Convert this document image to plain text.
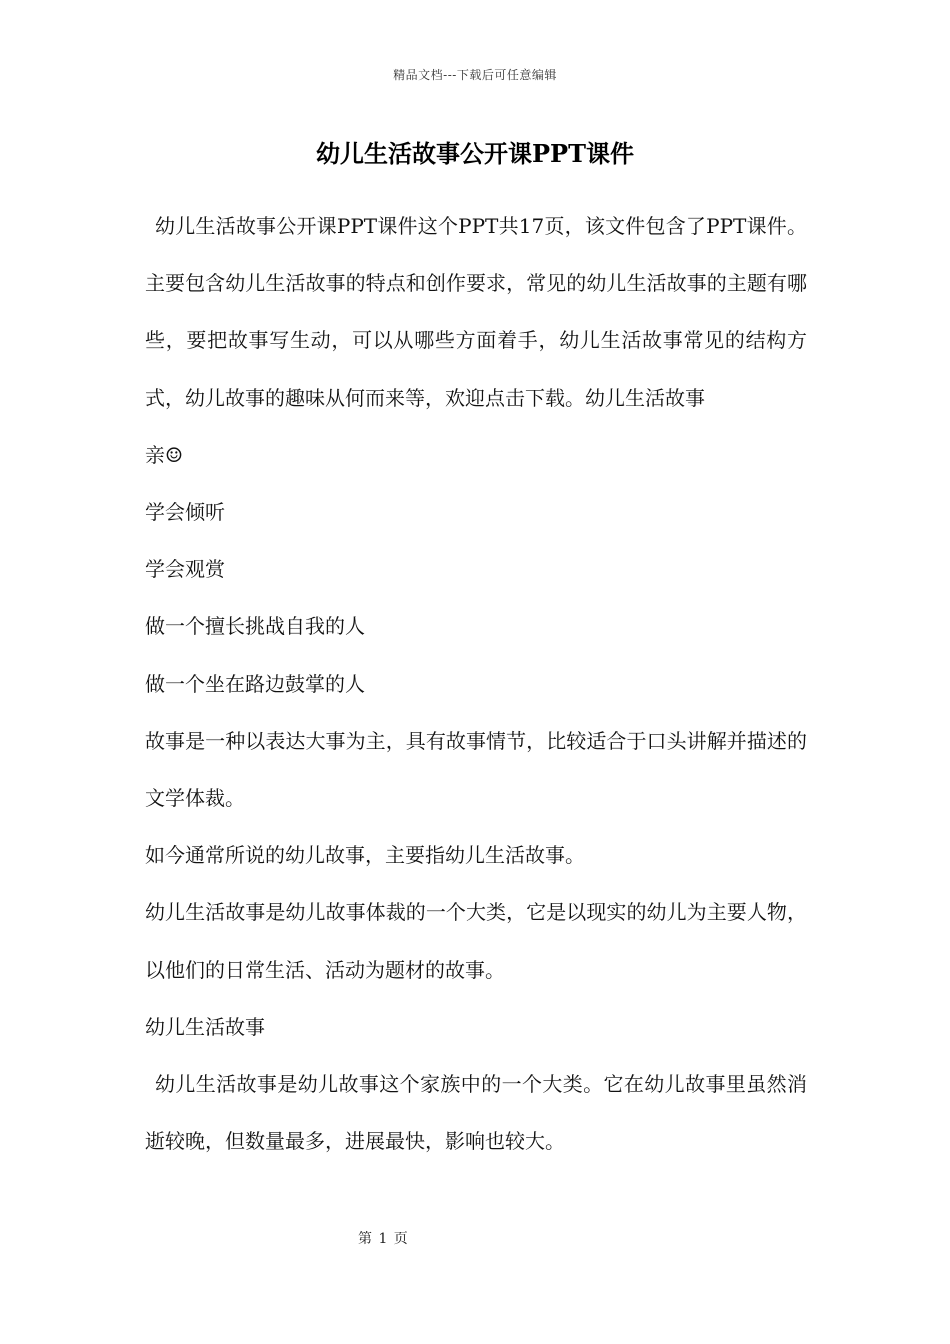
精品文档---下载后可任意编辑
幼儿生活故事公开课PPT课件

幼儿生活故事公开课PPT课件这个PPT共17页，该文件包含了PPT课件。主要包含幼儿生活故事的特点和创作要求，常见的幼儿生活故事的主题有哪些，要把故事写生动，可以从哪些方面着手，幼儿生活故事常见的结构方式，幼儿故事的趣味从何而来等，欢迎点击下载。幼儿生活故事

亲☺

学会倾听

学会观赏

做一个擅长挑战自我的人

做一个坐在路边鼓掌的人

故事是一种以表达大事为主，具有故事情节，比较适合于口头讲解并描述的文学体裁。

如今通常所说的幼儿故事，主要指幼儿生活故事。

幼儿生活故事是幼儿故事体裁的一个大类，它是以现实的幼儿为主要人物，以他们的日常生活、活动为题材的故事。

幼儿生活故事

幼儿生活故事是幼儿故事这个家族中的一个大类。它在幼儿故事里虽然消逝较晚，但数量最多，进展最快，影响也较大。

第 1 页
